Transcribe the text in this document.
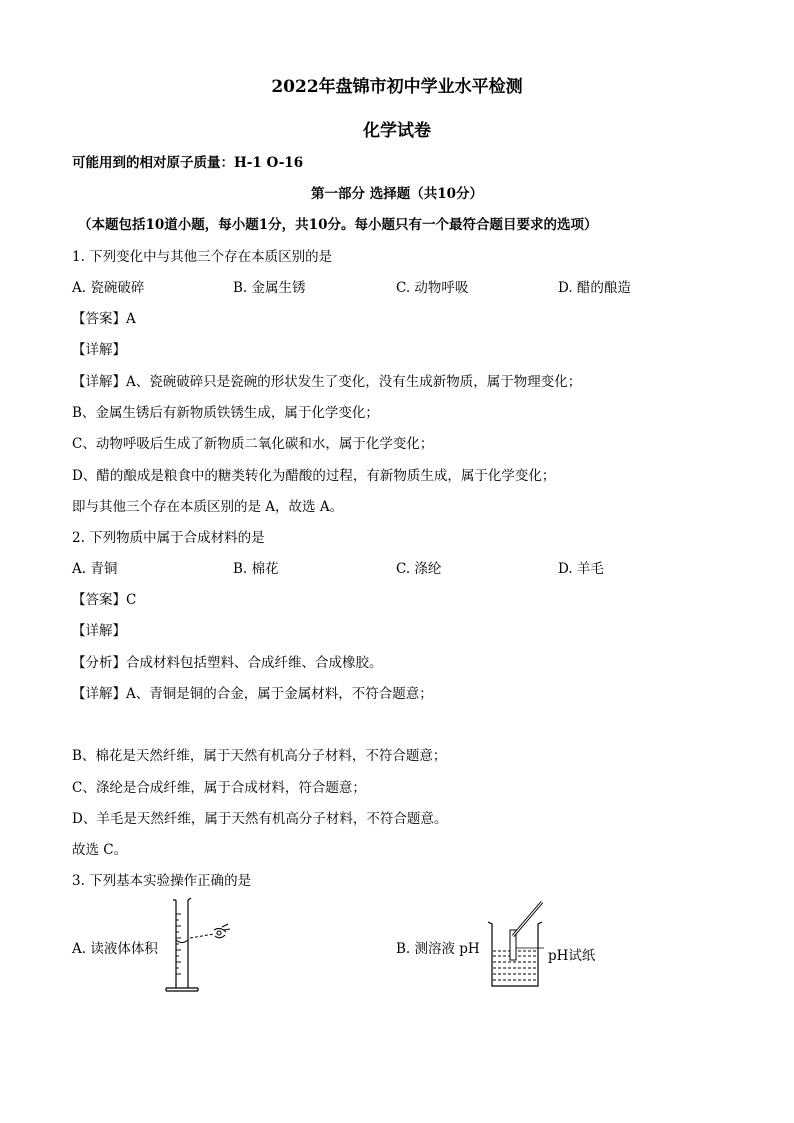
2022年盘锦市初中学业水平检测
化学试卷
可能用到的相对原子质量：H-1 O-16
第一部分 选择题（共10分）
（本题包括10道小题，每小题1分，共10分。每小题只有一个最符合题目要求的选项）
1. 下列变化中与其他三个存在本质区别的是
A. 瓷碗破碎	B. 金属生锈	C. 动物呼吸	D. 醋的酿造
【答案】A
【详解】
【详解】A、瓷碗破碎只是瓷碗的形状发生了变化，没有生成新物质，属于物理变化；
B、金属生锈后有新物质铁锈生成，属于化学变化；
C、动物呼吸后生成了新物质二氧化碳和水，属于化学变化；
D、醋的酿成是粮食中的糖类转化为醋酸的过程，有新物质生成，属于化学变化；
即与其他三个存在本质区别的是 A，故选 A。
2. 下列物质中属于合成材料的是
A. 青铜	B. 棉花	C. 涤纶	D. 羊毛
【答案】C
【详解】
【分析】合成材料包括塑料、合成纤维、合成橡胶。
【详解】A、青铜是铜的合金，属于金属材料，不符合题意；
B、棉花是天然纤维，属于天然有机高分子材料，不符合题意；
C、涤纶是合成纤维，属于合成材料，符合题意；
D、羊毛是天然纤维，属于天然有机高分子材料，不符合题意。
故选 C。
3. 下列基本实验操作正确的是
A. 读液体体积	B. 测溶液 pH	pH试纸
